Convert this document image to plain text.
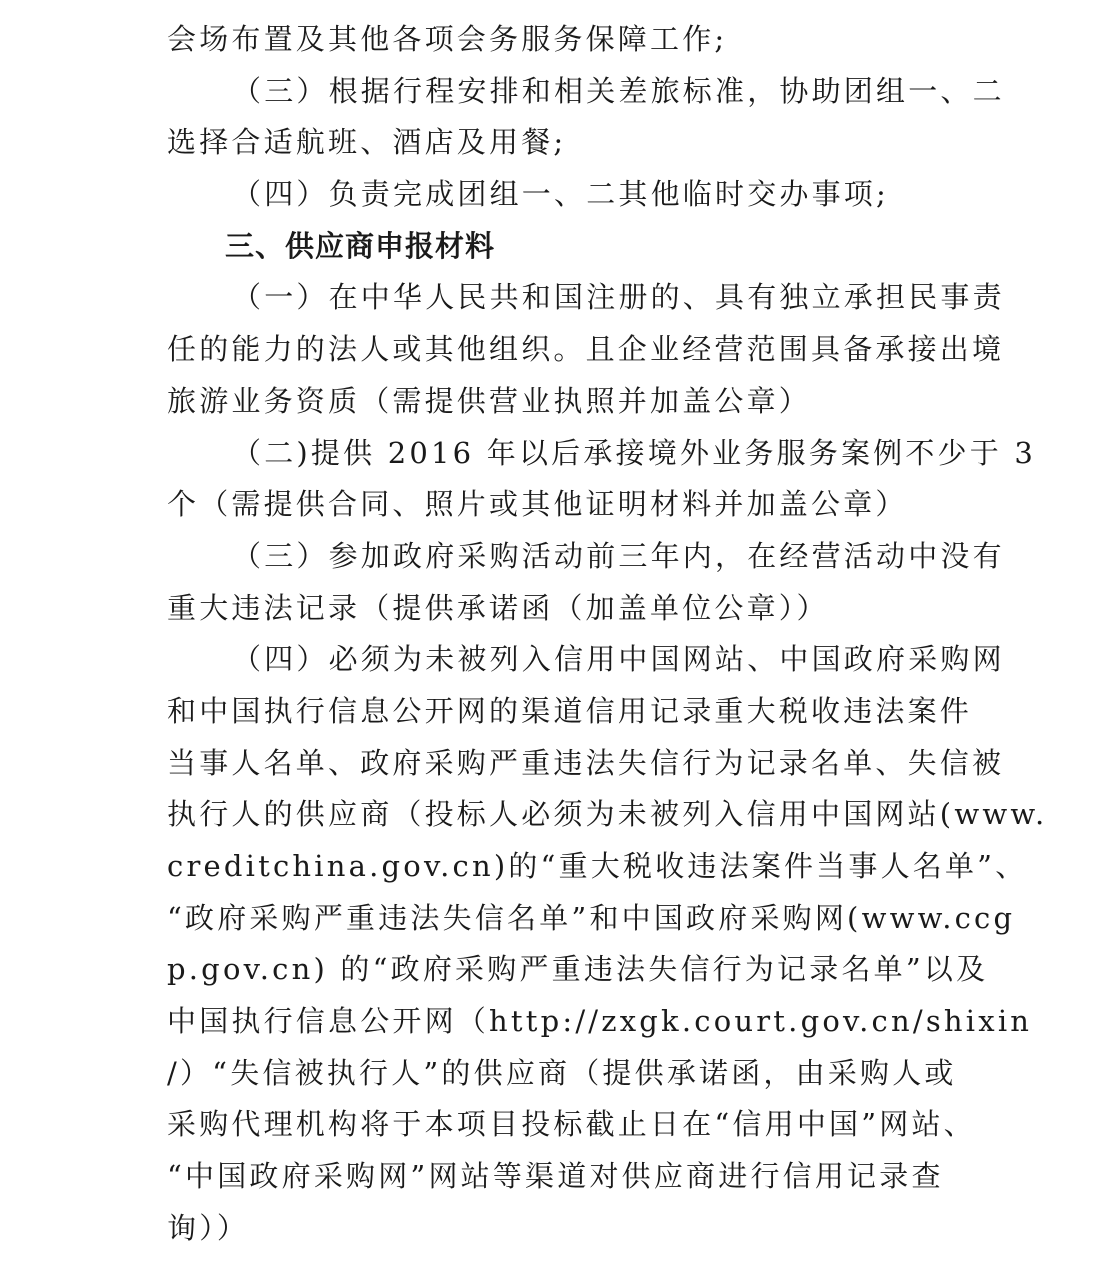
会场布置及其他各项会务服务保障工作;
（三）根据行程安排和相关差旅标准，协助团组一、二
选择合适航班、酒店及用餐;
（四）负责完成团组一、二其他临时交办事项;
三、供应商申报材料
（一）在中华人民共和国注册的、具有独立承担民事责
任的能力的法人或其他组织。且企业经营范围具备承接出境
旅游业务资质（需提供营业执照并加盖公章）
（二)提供 2016 年以后承接境外业务服务案例不少于 3
个（需提供合同、照片或其他证明材料并加盖公章）
（三）参加政府采购活动前三年内，在经营活动中没有
重大违法记录（提供承诺函（加盖单位公章））
（四）必须为未被列入信用中国网站、中国政府采购网
和中国执行信息公开网的渠道信用记录重大税收违法案件
当事人名单、政府采购严重违法失信行为记录名单、失信被
执行人的供应商（投标人必须为未被列入信用中国网站(www.
creditchina.gov.cn)的“重大税收违法案件当事人名单”、
“政府采购严重违法失信名单”和中国政府采购网(www.ccg
p.gov.cn) 的“政府采购严重违法失信行为记录名单”以及
中国执行信息公开网（http://zxgk.court.gov.cn/shixin
/）“失信被执行人”的供应商（提供承诺函，由采购人或
采购代理机构将于本项目投标截止日在“信用中国”网站、
“中国政府采购网”网站等渠道对供应商进行信用记录查
询））
